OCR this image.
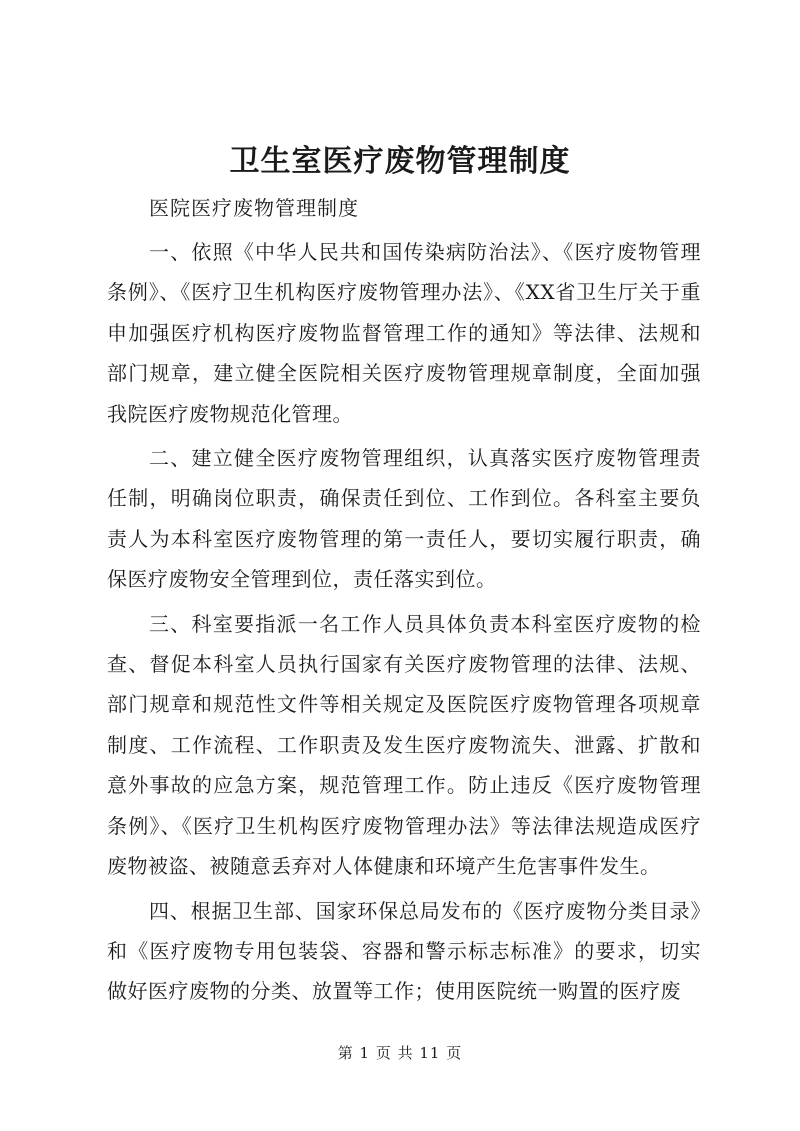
卫生室医疗废物管理制度

医院医疗废物管理制度

一、依照《中华人民共和国传染病防治法》、《医疗废物管理条例》、《医疗卫生机构医疗废物管理办法》、《XX省卫生厅关于重申加强医疗机构医疗废物监督管理工作的通知》等法律、法规和部门规章，建立健全医院相关医疗废物管理规章制度，全面加强我院医疗废物规范化管理。

二、建立健全医疗废物管理组织，认真落实医疗废物管理责任制，明确岗位职责，确保责任到位、工作到位。各科室主要负责人为本科室医疗废物管理的第一责任人，要切实履行职责，确保医疗废物安全管理到位，责任落实到位。

三、科室要指派一名工作人员具体负责本科室医疗废物的检查、督促本科室人员执行国家有关医疗废物管理的法律、法规、部门规章和规范性文件等相关规定及医院医疗废物管理各项规章制度、工作流程、工作职责及发生医疗废物流失、泄露、扩散和意外事故的应急方案，规范管理工作。防止违反《医疗废物管理条例》、《医疗卫生机构医疗废物管理办法》等法律法规造成医疗废物被盗、被随意丢弃对人体健康和环境产生危害事件发生。

四、根据卫生部、国家环保总局发布的《医疗废物分类目录》和《医疗废物专用包装袋、容器和警示标志标准》的要求，切实做好医疗废物的分类、放置等工作；使用医院统一购置的医疗废

第 1 页 共 11 页
